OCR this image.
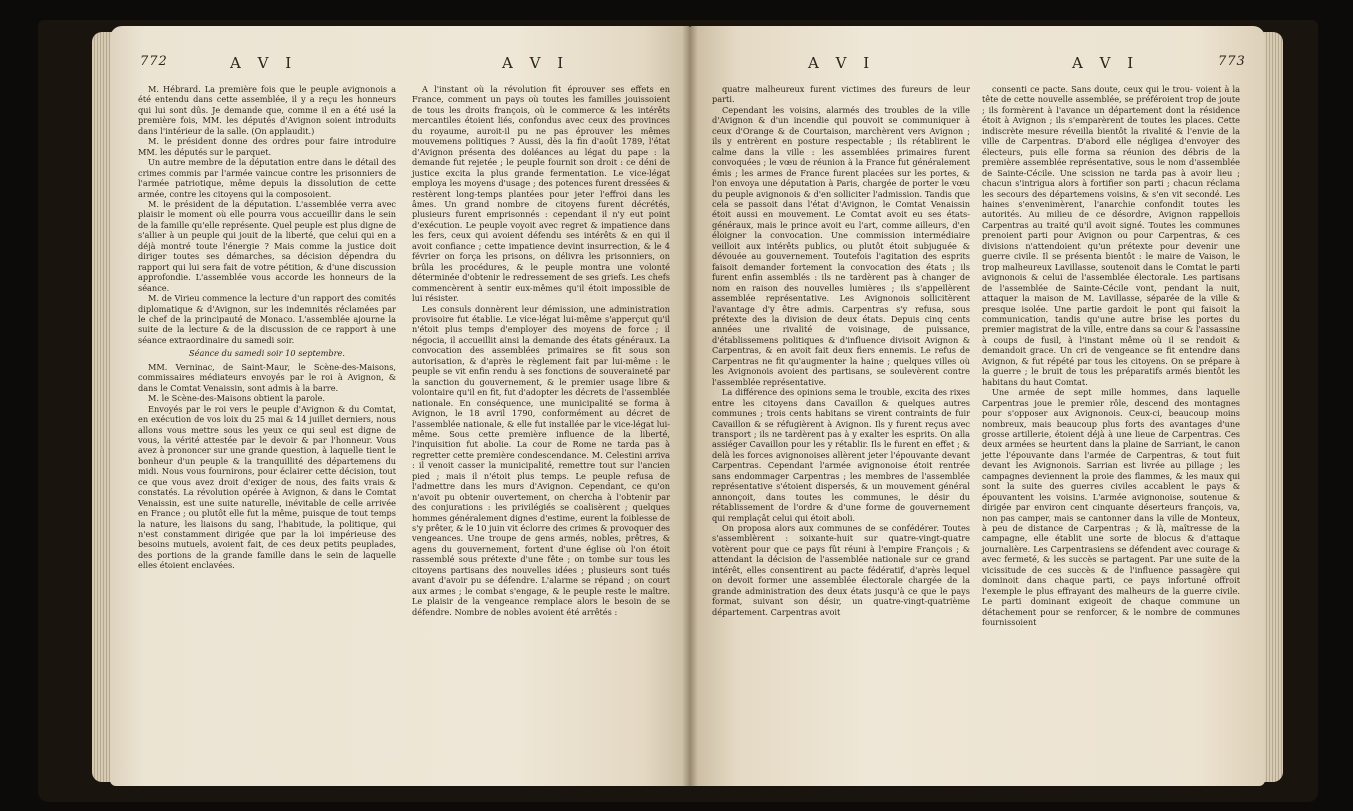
772	A V I	A V I

M. Hébrard. La première fois que le peuple avignonois a été entendu dans cette assemblée, il y a reçu les honneurs qui lui sont dûs. Je demande que, comme il en a été usé la première fois, MM. les députés d'Avignon soient introduits dans l'intérieur de la salle. (On applaudit.)

M. le président donne des ordres pour faire introduire MM. les députés sur le parquet.

Un autre membre de la députation entre dans le détail des crimes commis par l'armée vaincue contre les prisonniers de l'armée patriotique, même depuis la dissolution de cette armée, contre les citoyens qui la composoient.

M. le président de la députation. L'assemblée verra avec plaisir le moment où elle pourra vous accueillir dans le sein de la famille qu'elle représente. Quel peuple est plus digne de s'allier à un peuple qui jouit de la liberté, que celui qui en a déjà montré toute l'énergie ? Mais comme la justice doit diriger toutes ses démarches, sa décision dépendra du rapport qui lui sera fait de votre pétition, & d'une discussion approfondie. L'assemblée vous accorde les honneurs de la séance.

M. de Virieu commence la lecture d'un rapport des comités diplomatique & d'Avignon, sur les indemnités réclamées par le chef de la principauté de Monaco. L'assemblée ajourne la suite de la lecture & de la discussion de ce rapport à une séance extraordinaire du samedi soir.

Séance du samedi soir 10 septembre.

MM. Verninac, de Saint-Maur, le Scène-des-Maisons, commissaires médiateurs envoyés par le roi à Avignon, & dans le Comtat Venaissin, sont admis à la barre.

M. le Scène-des-Maisons obtient la parole.

Envoyés par le roi vers le peuple d'Avignon & du Comtat, en exécution de vos loix du 25 mai & 14 juillet derniers, nous allons vous mettre sous les yeux ce qui seul est digne de vous, la vérité attestée par le devoir & par l'honneur. Vous avez à prononcer sur une grande question, à laquelle tient le bonheur d'un peuple & la tranquillité des départemens du midi. Nous vous fournirons, pour éclairer cette décision, tout ce que vous avez droit d'exiger de nous, des faits vrais & constatés. La révolution opérée à Avignon, & dans le Comtat Venaissin, est une suite naturelle, inévitable de celle arrivée en France ; ou plutôt elle fut la même, puisque de tout temps la nature, les liaisons du sang, l'habitude, la politique, qui n'est constamment dirigée que par la loi impérieuse des besoins mutuels, avoient fait, de ces deux petits peuplades, des portions de la grande famille dans le sein de laquelle elles étoient enclavées.

A l'instant où la révolution fit éprouver ses effets en France, comment un pays où toutes les familles jouissoient de tous les droits françois, où le commerce & les intérêts mercantiles étoient liés, confondus avec ceux des provinces du royaume, auroit-il pu ne pas éprouver les mêmes mouvemens politiques ? Aussi, dès la fin d'août 1789, l'état d'Avignon présenta des doléances au légat du pape : la demande fut rejetée ; le peuple fournit son droit : ce déni de justice excita la plus grande fermentation. Le vice-légat employa les moyens d'usage ; des potences furent dressées & restèrent long-temps plantées pour jeter l'effroi dans les âmes. Un grand nombre de citoyens furent décrétés, plusieurs furent emprisonnés : cependant il n'y eut point d'exécution. Le peuple voyoit avec regret & impatience dans les fers, ceux qui avoient défendu ses intérêts & en qui il avoit confiance ; cette impatience devint insurrection, & le 4 février on força les prisons, on délivra les prisonniers, on brûla les procédures, & le peuple montra une volonté déterminée d'obtenir le redressement de ses griefs. Les chefs commencèrent à sentir eux-mêmes qu'il étoit impossible de lui résister.

Les consuls donnèrent leur démission, une administration provisoire fut établie. Le vice-légat lui-même s'apperçut qu'il n'étoit plus temps d'employer des moyens de force ; il négocia, il accueillit ainsi la demande des états généraux. La convocation des assemblées primaires se fit sous son autorisation, & d'après le règlement fait par lui-même : le peuple se vit enfin rendu à ses fonctions de souveraineté par la sanction du gouvernement, & le premier usage libre & volontaire qu'il en fit, fut d'adopter les décrets de l'assemblée nationale. En conséquence, une municipalité se forma à Avignon, le 18 avril 1790, conformément au décret de l'assemblée nationale, & elle fut installée par le vice-légat lui-même. Sous cette première influence de la liberté, l'inquisition fut abolie. La cour de Rome ne tarda pas à regretter cette première condescendance. M. Celestini arriva : il venoit casser la municipalité, remettre tout sur l'ancien pied ; mais il n'étoit plus temps. Le peuple refusa de l'admettre dans les murs d'Avignon. Cependant, ce qu'on n'avoit pu obtenir ouvertement, on chercha à l'obtenir par des conjurations : les privilégiés se coalisèrent ; quelques hommes généralement dignes d'estime, eurent la foiblesse de s'y prêter, & le 10 juin vit éclorre des crimes & provoquer des vengeances. Une troupe de gens armés, nobles, prêtres, & agens du gouvernement, fortent d'une église où l'on étoit rassemblé sous prétexte d'une fête ; on tombe sur tous les citoyens partisans des nouvelles idées ; plusieurs sont tués avant d'avoir pu se défendre. L'alarme se répand ; on court aux armes ; le combat s'engage, & le peuple reste le maître. Le plaisir de la vengeance remplace alors le besoin de se défendre. Nombre de nobles avoient été arrêtés :

A V I	A V I	773

quatre malheureux furent victimes des fureurs de leur parti.

Cependant les voisins, alarmés des troubles de la ville d'Avignon & d'un incendie qui pouvoit se communiquer à ceux d'Orange & de Courtaison, marchèrent vers Avignon ; ils y entrèrent en posture respectable ; ils rétablirent le calme dans la ville : les assemblées primaires furent convoquées ; le vœu de réunion à la France fut généralement émis ; les armes de France furent placées sur les portes, & l'on envoya une députation à Paris, chargée de porter le vœu du peuple avignonois & d'en solliciter l'admission. Tandis que cela se passoit dans l'état d'Avignon, le Comtat Venaissin étoit aussi en mouvement. Le Comtat avoit eu ses états-généraux, mais le prince avoit eu l'art, comme ailleurs, d'en éloigner la convocation. Une commission intermédiaire veilloit aux intérêts publics, ou plutôt étoit subjuguée & dévouée au gouvernement. Toutefois l'agitation des esprits faisoit demander fortement la convocation des états ; ils furent enfin assemblés : ils ne tardèrent pas à changer de nom en raison des nouvelles lumières ; ils s'appellèrent assemblée représentative. Les Avignonois sollicitèrent l'avantage d'y être admis. Carpentras s'y refusa, sous prétexte des la division de deux états. Depuis cinq cents années une rivalité de voisinage, de puissance, d'établissemens politiques & d'influence divisoit Avignon & Carpentras, & en avoit fait deux fiers ennemis. Le refus de Carpentras ne fit qu'augmenter la haine ; quelques villes où les Avignonois avoient des partisans, se soulevèrent contre l'assemblée représentative.

La différence des opinions sema le trouble, excita des rixes entre les citoyens dans Cavaillon & quelques autres communes ; trois cents habitans se virent contraints de fuir Cavaillon & se réfugièrent à Avignon. Ils y furent reçus avec transport ; ils ne tardèrent pas à y exalter les esprits. On alla assiéger Cavaillon pour les y rétablir. Ils le furent en effet ; & delà les forces avignonoises allèrent jeter l'épouvante devant Carpentras. Cependant l'armée avignonoise étoit rentrée sans endommager Carpentras ; les membres de l'assemblée représentative s'étoient dispersés, & un mouvement général annonçoit, dans toutes les communes, le désir du rétablissement de l'ordre & d'une forme de gouvernement qui remplaçât celui qui étoit aboli.

On proposa alors aux communes de se confédérer. Toutes s'assemblèrent : soixante-huit sur quatre-vingt-quatre votèrent pour que ce pays fût réuni à l'empire François ; & attendant la décision de l'assemblée nationale sur ce grand intérêt, elles consentirent au pacte fédératif, d'après lequel on devoit former une assemblée électorale chargée de la grande administration des deux états jusqu'à ce que le pays format, suivant son désir, un quatre-vingt-quatrième département. Carpentras avoit

consenti ce pacte. Sans doute, ceux qui le trou- voient à la tête de cette nouvelle assemblée, se préféroient trop de joute ; ils formèrent à l'avance un département dont la résidence étoit à Avignon ; ils s'emparèrent de toutes les places. Cette indiscrète mesure réveilla bientôt la rivalité & l'envie de la ville de Carpentras. D'abord elle négligea d'envoyer des électeurs, puis elle forma sa réunion des débris de la première assemblée représentative, sous le nom d'assemblée de Sainte-Cécile. Une scission ne tarda pas à avoir lieu ; chacun s'intrigua alors à fortifier son parti ; chacun réclama les secours des départemens voisins, & s'en vit secondé. Les haines s'envenimèrent, l'anarchie confondit toutes les autorités. Au milieu de ce désordre, Avignon rappellois Carpentras au traité qu'il avoit signé. Toutes les communes prenoient parti pour Avignon ou pour Carpentras, & ces divisions n'attendoient qu'un prétexte pour devenir une guerre civile. Il se présenta bientôt : le maire de Vaison, le trop malheureux Lavillasse, soutenoit dans le Comtat le parti avignonois & celui de l'assemblée électorale. Les partisans de l'assemblée de Sainte-Cécile vont, pendant la nuit, attaquer la maison de M. Lavillasse, séparée de la ville & presque isolée. Une partie gardoit le pont qui faisoit la communication, tandis qu'une autre brise les portes du premier magistrat de la ville, entre dans sa cour & l'assassine à coups de fusil, à l'instant même où il se rendoit & demandoit grace. Un cri de vengeance se fit entendre dans Avignon, & fut répété par tous les citoyens. On se prépare à la guerre ; le bruit de tous les préparatifs armés bientôt les habitans du haut Comtat.

Une armée de sept mille hommes, dans laquelle Carpentras joue le premier rôle, descend des montagnes pour s'opposer aux Avignonois. Ceux-ci, beaucoup moins nombreux, mais beaucoup plus forts des avantages d'une grosse artillerie, étoient déjà à une lieue de Carpentras. Ces deux armées se heurtent dans la plaine de Sarriant, le canon jette l'épouvante dans l'armée de Carpentras, & tout fuit devant les Avignonois. Sarrian est livrée au pillage ; les campagnes deviennent la proie des flammes, & les maux qui sont la suite des guerres civiles accablent le pays & épouvantent les voisins. L'armée avignonoise, soutenue & dirigée par environ cent cinquante déserteurs françois, va, non pas camper, mais se cantonner dans la ville de Monteux, à peu de distance de Carpentras ; & là, maîtresse de la campagne, elle établit une sorte de blocus & d'attaque journalière. Les Carpentrasiens se défendent avec courage & avec fermeté, & les succès se partagent. Par une suite de la vicissitude de ces succès & de l'influence passagère qui dominoit dans chaque parti, ce pays infortuné offroit l'exemple le plus effrayant des malheurs de la guerre civile. Le parti dominant exigeoit de chaque commune un détachement pour se renforcer, & le nombre de communes fournissoient
